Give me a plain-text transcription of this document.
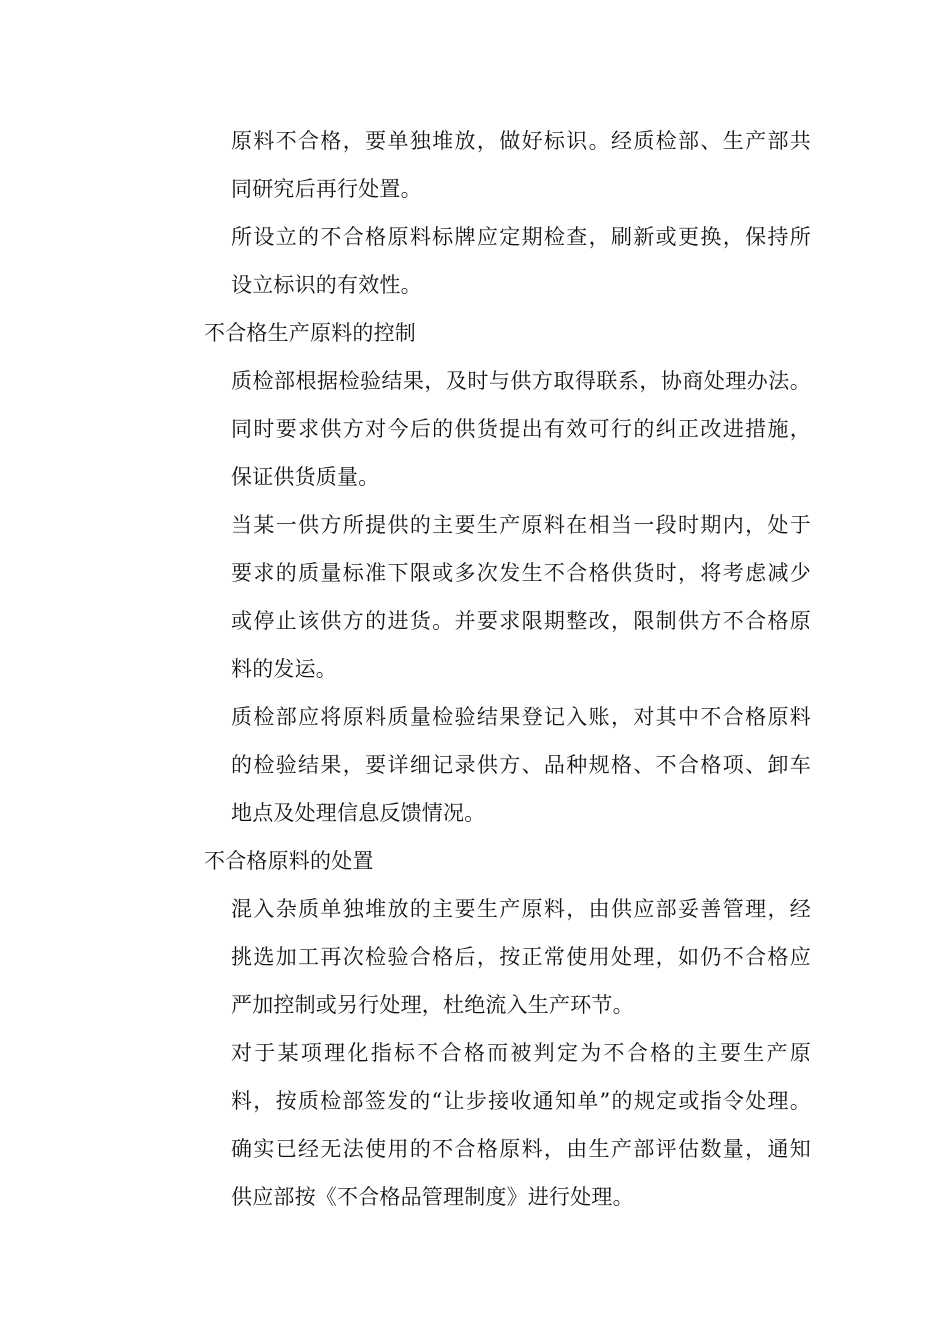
原料不合格，要单独堆放，做好标识。经质检部、生产部共
同研究后再行处置。
所设立的不合格原料标牌应定期检查，刷新或更换，保持所
设立标识的有效性。
不合格生产原料的控制
质检部根据检验结果，及时与供方取得联系，协商处理办法。
同时要求供方对今后的供货提出有效可行的纠正改进措施，
保证供货质量。
当某一供方所提供的主要生产原料在相当一段时期内，处于
要求的质量标准下限或多次发生不合格供货时，将考虑减少
或停止该供方的进货。并要求限期整改，限制供方不合格原
料的发运。
质检部应将原料质量检验结果登记入账，对其中不合格原料
的检验结果，要详细记录供方、品种规格、不合格项、卸车
地点及处理信息反馈情况。
不合格原料的处置
混入杂质单独堆放的主要生产原料，由供应部妥善管理，经
挑选加工再次检验合格后，按正常使用处理，如仍不合格应
严加控制或另行处理，杜绝流入生产环节。
对于某项理化指标不合格而被判定为不合格的主要生产原
料，按质检部签发的“让步接收通知单”的规定或指令处理。
确实已经无法使用的不合格原料，由生产部评估数量，通知
供应部按《不合格品管理制度》进行处理。
